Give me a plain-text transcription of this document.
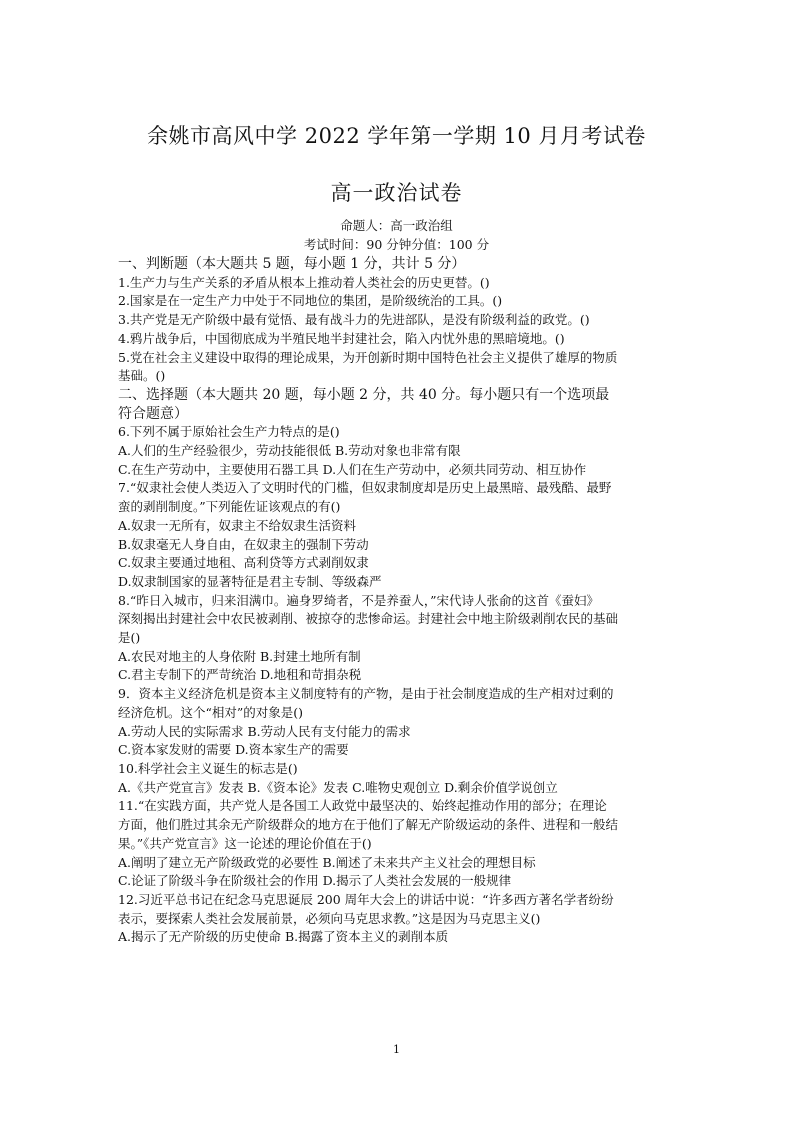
余姚市高风中学 2022 学年第一学期 10 月月考试卷
高一政治试卷
命题人：高一政治组
考试时间：90 分钟分值：100 分
一、判断题（本大题共 5 题，每小题 1 分，共计 5 分）
1.生产力与生产关系的矛盾从根本上推动着人类社会的历史更替。()
2.国家是在一定生产力中处于不同地位的集团，是阶级统治的工具。()
3.共产党是无产阶级中最有觉悟、最有战斗力的先进部队，是没有阶级利益的政党。()
4.鸦片战争后，中国彻底成为半殖民地半封建社会，陷入内忧外患的黑暗境地。()
5.党在社会主义建设中取得的理论成果，为开创新时期中国特色社会主义提供了雄厚的物质
基础。()
二、选择题（本大题共 20 题，每小题 2 分，共 40 分。每小题只有一个选项最
符合题意）
6.下列不属于原始社会生产力特点的是()
A.人们的生产经验很少，劳动技能很低 B.劳动对象也非常有限
C.在生产劳动中，主要使用石器工具 D.人们在生产劳动中，必须共同劳动、相互协作
7.“奴隶社会使人类迈入了文明时代的门槛，但奴隶制度却是历史上最黑暗、最残酷、最野
蛮的剥削制度。”下列能佐证该观点的有()
A.奴隶一无所有，奴隶主不给奴隶生活资料
B.奴隶毫无人身自由，在奴隶主的强制下劳动
C.奴隶主要通过地租、高利贷等方式剥削奴隶
D.奴隶制国家的显著特征是君主专制、等级森严
8.“昨日入城市，归来泪满巾。遍身罗绮者，不是养蚕人，”宋代诗人张俞的这首《蚕妇》
深刻揭出封建社会中农民被剥削、被掠夺的悲惨命运。封建社会中地主阶级剥削农民的基础
是()
A.农民对地主的人身依附 B.封建土地所有制
C.君主专制下的严苛统治 D.地租和苛捐杂税
9．资本主义经济危机是资本主义制度特有的产物，是由于社会制度造成的生产相对过剩的
经济危机。这个“相对”的对象是()
A.劳动人民的实际需求 B.劳动人民有支付能力的需求
C.资本家发财的需要 D.资本家生产的需要
10.科学社会主义诞生的标志是()
A.《共产党宣言》发表 B.《资本论》发表 C.唯物史观创立 D.剩余价值学说创立
11.“在实践方面，共产党人是各国工人政党中最坚决的、始终起推动作用的部分；在理论
方面，他们胜过其余无产阶级群众的地方在于他们了解无产阶级运动的条件、进程和一般结
果。”《共产党宣言》这一论述的理论价值在于()
A.阐明了建立无产阶级政党的必要性 B.阐述了未来共产主义社会的理想目标
C.论证了阶级斗争在阶级社会的作用 D.揭示了人类社会发展的一般规律
12.习近平总书记在纪念马克思诞辰 200 周年大会上的讲话中说：“许多西方著名学者纷纷
表示，要探索人类社会发展前景，必须向马克思求教。”这是因为马克思主义()
A.揭示了无产阶级的历史使命 B.揭露了资本主义的剥削本质
1
